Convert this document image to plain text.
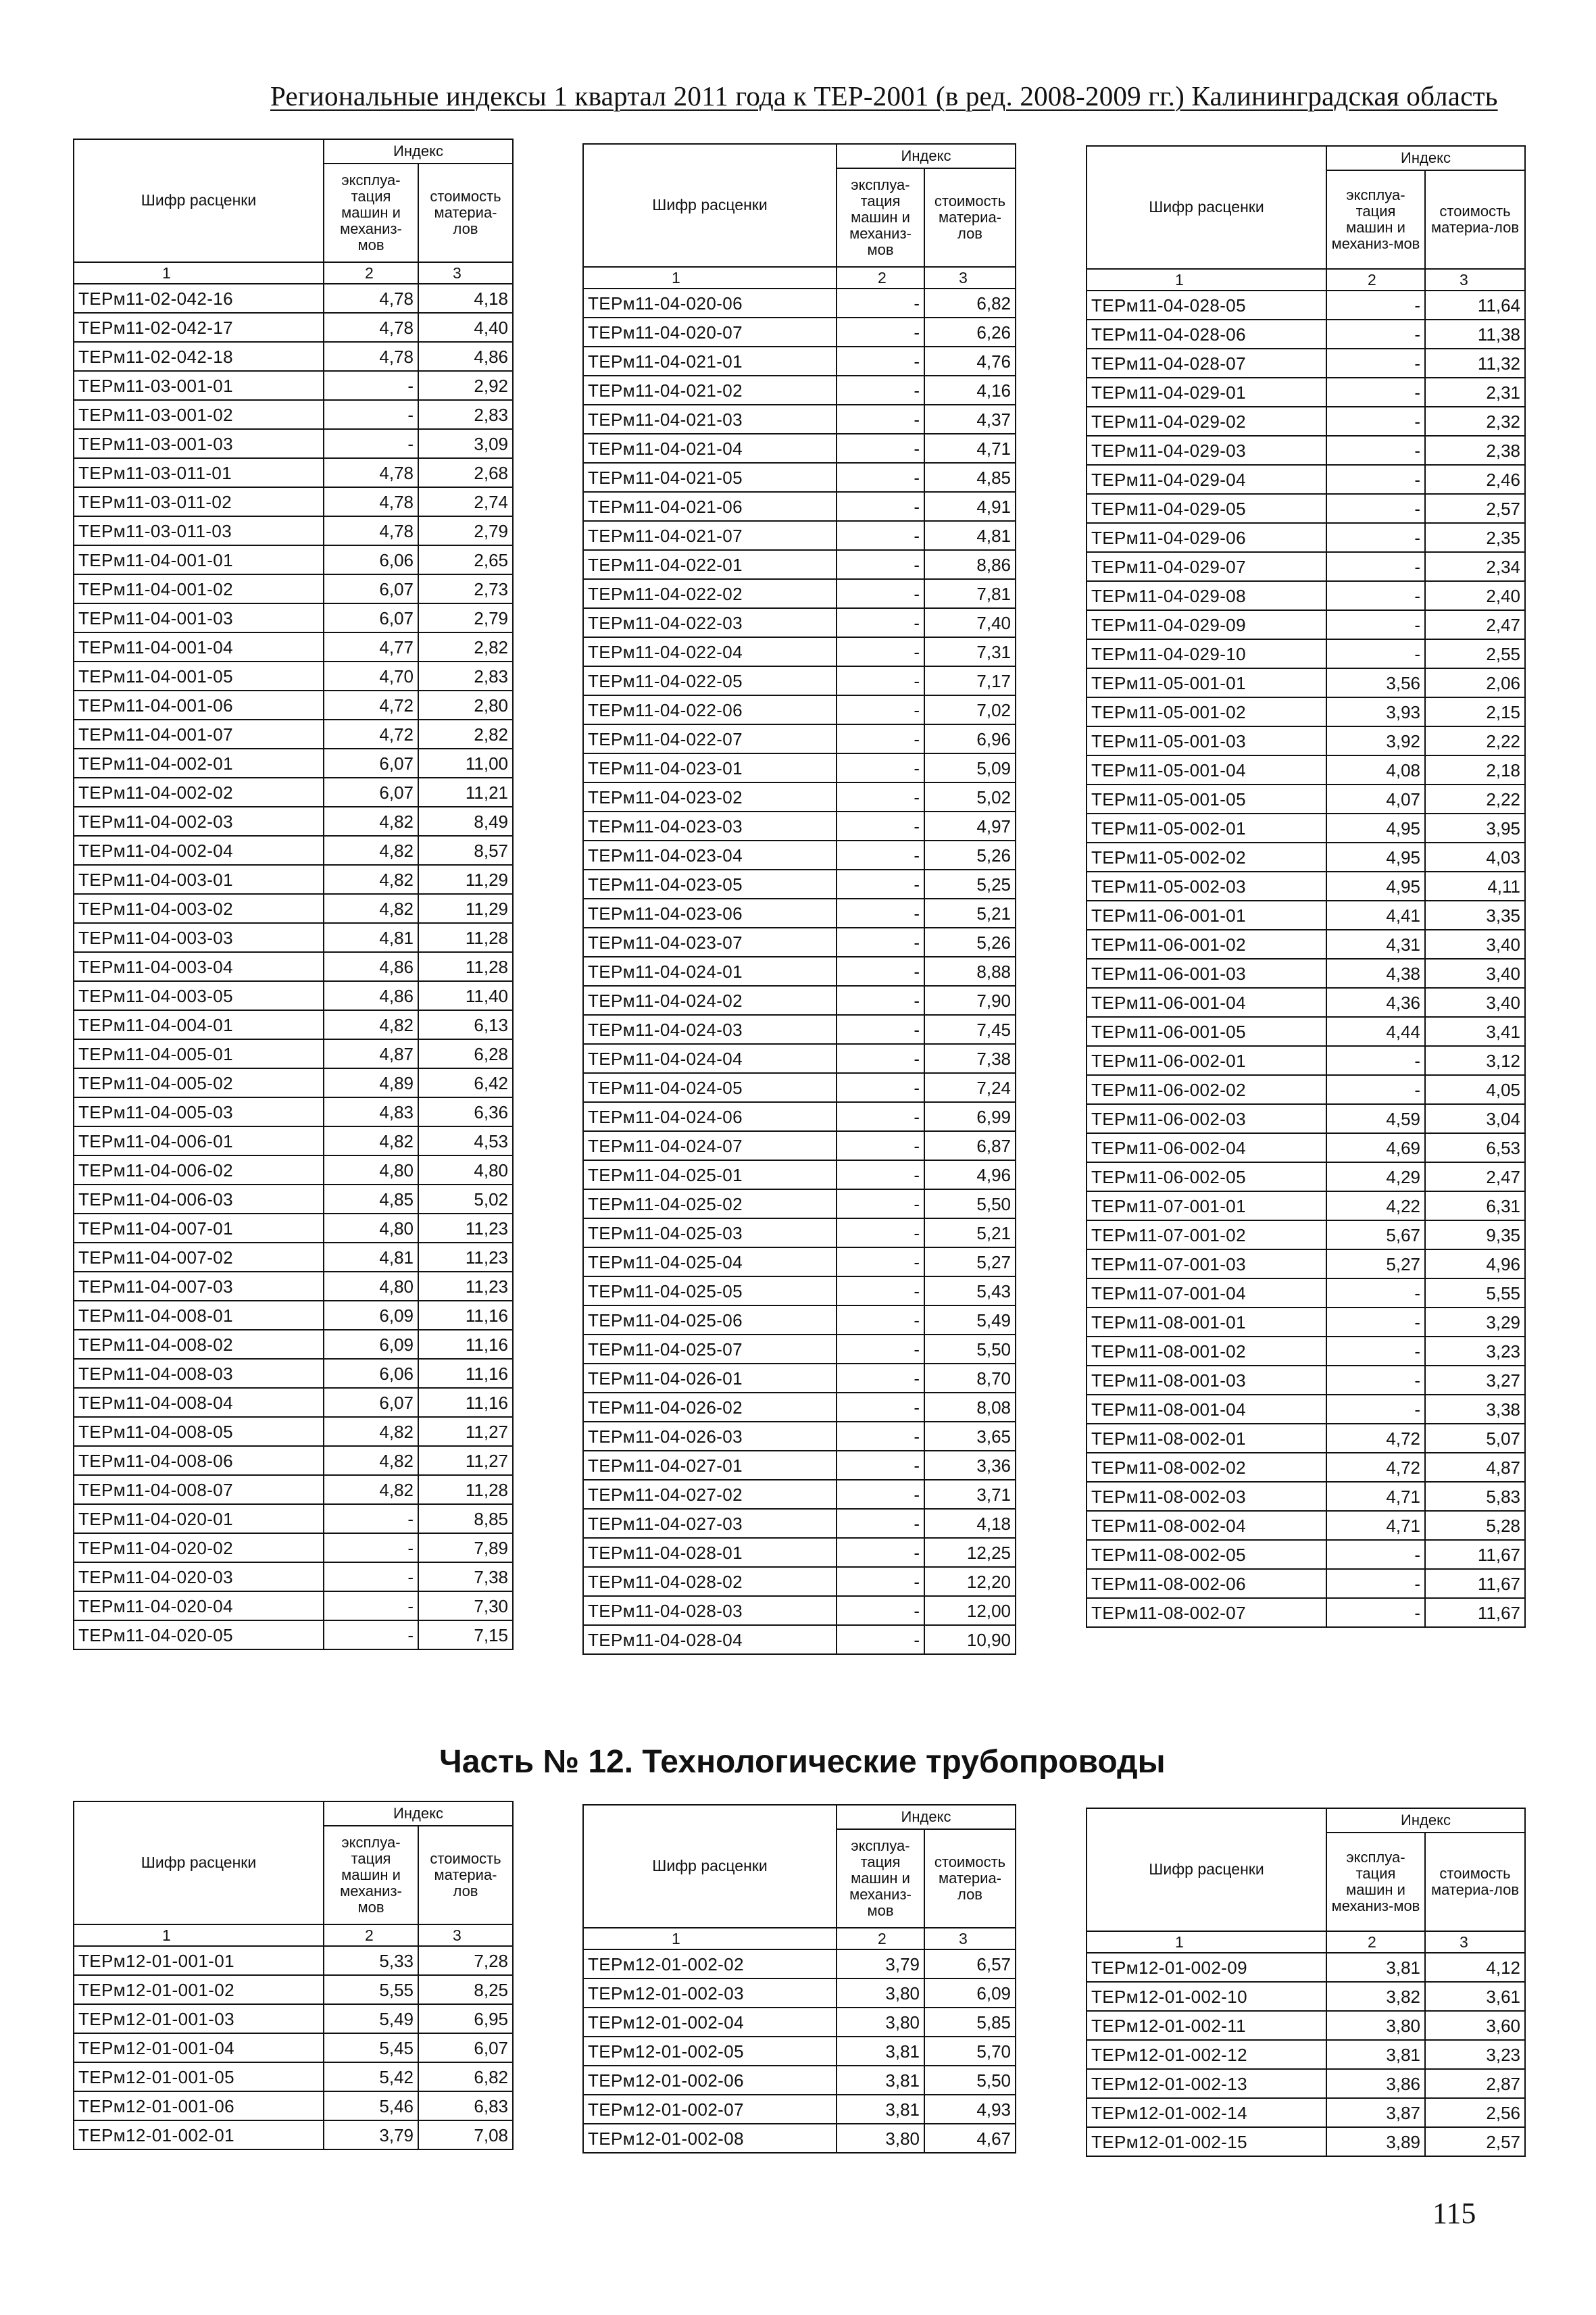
Региональные индексы 1 квартал 2011 года к ТЕР-2001 (в ред. 2008-2009 гг.) Калининградская область
Шифр расценки	Индекс	
	эксплуа-тация машин и механиз-мов	стоимость материа-лов
1	2	3
ТЕРм11-02-042-16	4,78	4,18
ТЕРм11-02-042-17	4,78	4,40
ТЕРм11-02-042-18	4,78	4,86
ТЕРм11-03-001-01	-	2,92
ТЕРм11-03-001-02	-	2,83
ТЕРм11-03-001-03	-	3,09
ТЕРм11-03-011-01	4,78	2,68
ТЕРм11-03-011-02	4,78	2,74
ТЕРм11-03-011-03	4,78	2,79
ТЕРм11-04-001-01	6,06	2,65
ТЕРм11-04-001-02	6,07	2,73
ТЕРм11-04-001-03	6,07	2,79
ТЕРм11-04-001-04	4,77	2,82
ТЕРм11-04-001-05	4,70	2,83
ТЕРм11-04-001-06	4,72	2,80
ТЕРм11-04-001-07	4,72	2,82
ТЕРм11-04-002-01	6,07	11,00
ТЕРм11-04-002-02	6,07	11,21
ТЕРм11-04-002-03	4,82	8,49
ТЕРм11-04-002-04	4,82	8,57
ТЕРм11-04-003-01	4,82	11,29
ТЕРм11-04-003-02	4,82	11,29
ТЕРм11-04-003-03	4,81	11,28
ТЕРм11-04-003-04	4,86	11,28
ТЕРм11-04-003-05	4,86	11,40
ТЕРм11-04-004-01	4,82	6,13
ТЕРм11-04-005-01	4,87	6,28
ТЕРм11-04-005-02	4,89	6,42
ТЕРм11-04-005-03	4,83	6,36
ТЕРм11-04-006-01	4,82	4,53
ТЕРм11-04-006-02	4,80	4,80
ТЕРм11-04-006-03	4,85	5,02
ТЕРм11-04-007-01	4,80	11,23
ТЕРм11-04-007-02	4,81	11,23
ТЕРм11-04-007-03	4,80	11,23
ТЕРм11-04-008-01	6,09	11,16
ТЕРм11-04-008-02	6,09	11,16
ТЕРм11-04-008-03	6,06	11,16
ТЕРм11-04-008-04	6,07	11,16
ТЕРм11-04-008-05	4,82	11,27
ТЕРм11-04-008-06	4,82	11,27
ТЕРм11-04-008-07	4,82	11,28
ТЕРм11-04-020-01	-	8,85
ТЕРм11-04-020-02	-	7,89
ТЕРм11-04-020-03	-	7,38
ТЕРм11-04-020-04	-	7,30
ТЕРм11-04-020-05	-	7,15
Шифр расценки	Индекс	
	эксплуа-тация машин и механиз-мов	стоимость материа-лов
1	2	3
ТЕРм11-04-020-06	-	6,82
ТЕРм11-04-020-07	-	6,26
ТЕРм11-04-021-01	-	4,76
ТЕРм11-04-021-02	-	4,16
ТЕРм11-04-021-03	-	4,37
ТЕРм11-04-021-04	-	4,71
ТЕРм11-04-021-05	-	4,85
ТЕРм11-04-021-06	-	4,91
ТЕРм11-04-021-07	-	4,81
ТЕРм11-04-022-01	-	8,86
ТЕРм11-04-022-02	-	7,81
ТЕРм11-04-022-03	-	7,40
ТЕРм11-04-022-04	-	7,31
ТЕРм11-04-022-05	-	7,17
ТЕРм11-04-022-06	-	7,02
ТЕРм11-04-022-07	-	6,96
ТЕРм11-04-023-01	-	5,09
ТЕРм11-04-023-02	-	5,02
ТЕРм11-04-023-03	-	4,97
ТЕРм11-04-023-04	-	5,26
ТЕРм11-04-023-05	-	5,25
ТЕРм11-04-023-06	-	5,21
ТЕРм11-04-023-07	-	5,26
ТЕРм11-04-024-01	-	8,88
ТЕРм11-04-024-02	-	7,90
ТЕРм11-04-024-03	-	7,45
ТЕРм11-04-024-04	-	7,38
ТЕРм11-04-024-05	-	7,24
ТЕРм11-04-024-06	-	6,99
ТЕРм11-04-024-07	-	6,87
ТЕРм11-04-025-01	-	4,96
ТЕРм11-04-025-02	-	5,50
ТЕРм11-04-025-03	-	5,21
ТЕРм11-04-025-04	-	5,27
ТЕРм11-04-025-05	-	5,43
ТЕРм11-04-025-06	-	5,49
ТЕРм11-04-025-07	-	5,50
ТЕРм11-04-026-01	-	8,70
ТЕРм11-04-026-02	-	8,08
ТЕРм11-04-026-03	-	3,65
ТЕРм11-04-027-01	-	3,36
ТЕРм11-04-027-02	-	3,71
ТЕРм11-04-027-03	-	4,18
ТЕРм11-04-028-01	-	12,25
ТЕРм11-04-028-02	-	12,20
ТЕРм11-04-028-03	-	12,00
ТЕРм11-04-028-04	-	10,90
Шифр расценки	Индекс	
	эксплуа-тация машин и механиз-мов	стоимость материа-лов
1	2	3
ТЕРм11-04-028-05	-	11,64
ТЕРм11-04-028-06	-	11,38
ТЕРм11-04-028-07	-	11,32
ТЕРм11-04-029-01	-	2,31
ТЕРм11-04-029-02	-	2,32
ТЕРм11-04-029-03	-	2,38
ТЕРм11-04-029-04	-	2,46
ТЕРм11-04-029-05	-	2,57
ТЕРм11-04-029-06	-	2,35
ТЕРм11-04-029-07	-	2,34
ТЕРм11-04-029-08	-	2,40
ТЕРм11-04-029-09	-	2,47
ТЕРм11-04-029-10	-	2,55
ТЕРм11-05-001-01	3,56	2,06
ТЕРм11-05-001-02	3,93	2,15
ТЕРм11-05-001-03	3,92	2,22
ТЕРм11-05-001-04	4,08	2,18
ТЕРм11-05-001-05	4,07	2,22
ТЕРм11-05-002-01	4,95	3,95
ТЕРм11-05-002-02	4,95	4,03
ТЕРм11-05-002-03	4,95	4,11
ТЕРм11-06-001-01	4,41	3,35
ТЕРм11-06-001-02	4,31	3,40
ТЕРм11-06-001-03	4,38	3,40
ТЕРм11-06-001-04	4,36	3,40
ТЕРм11-06-001-05	4,44	3,41
ТЕРм11-06-002-01	-	3,12
ТЕРм11-06-002-02	-	4,05
ТЕРм11-06-002-03	4,59	3,04
ТЕРм11-06-002-04	4,69	6,53
ТЕРм11-06-002-05	4,29	2,47
ТЕРм11-07-001-01	4,22	6,31
ТЕРм11-07-001-02	5,67	9,35
ТЕРм11-07-001-03	5,27	4,96
ТЕРм11-07-001-04	-	5,55
ТЕРм11-08-001-01	-	3,29
ТЕРм11-08-001-02	-	3,23
ТЕРм11-08-001-03	-	3,27
ТЕРм11-08-001-04	-	3,38
ТЕРм11-08-002-01	4,72	5,07
ТЕРм11-08-002-02	4,72	4,87
ТЕРм11-08-002-03	4,71	5,83
ТЕРм11-08-002-04	4,71	5,28
ТЕРм11-08-002-05	-	11,67
ТЕРм11-08-002-06	-	11,67
ТЕРм11-08-002-07	-	11,67
Часть № 12. Технологические трубопроводы
Шифр расценки	Индекс	
	эксплуа-тация машин и механиз-мов	стоимость материа-лов
1	2	3
ТЕРм12-01-001-01	5,33	7,28
ТЕРм12-01-001-02	5,55	8,25
ТЕРм12-01-001-03	5,49	6,95
ТЕРм12-01-001-04	5,45	6,07
ТЕРм12-01-001-05	5,42	6,82
ТЕРм12-01-001-06	5,46	6,83
ТЕРм12-01-002-01	3,79	7,08
Шифр расценки	Индекс	
	эксплуа-тация машин и механиз-мов	стоимость материа-лов
1	2	3
ТЕРм12-01-002-02	3,79	6,57
ТЕРм12-01-002-03	3,80	6,09
ТЕРм12-01-002-04	3,80	5,85
ТЕРм12-01-002-05	3,81	5,70
ТЕРм12-01-002-06	3,81	5,50
ТЕРм12-01-002-07	3,81	4,93
ТЕРм12-01-002-08	3,80	4,67
Шифр расценки	Индекс	
	эксплуа-тация машин и механиз-мов	стоимость материа-лов
1	2	3
ТЕРм12-01-002-09	3,81	4,12
ТЕРм12-01-002-10	3,82	3,61
ТЕРм12-01-002-11	3,80	3,60
ТЕРм12-01-002-12	3,81	3,23
ТЕРм12-01-002-13	3,86	2,87
ТЕРм12-01-002-14	3,87	2,56
ТЕРм12-01-002-15	3,89	2,57
115
